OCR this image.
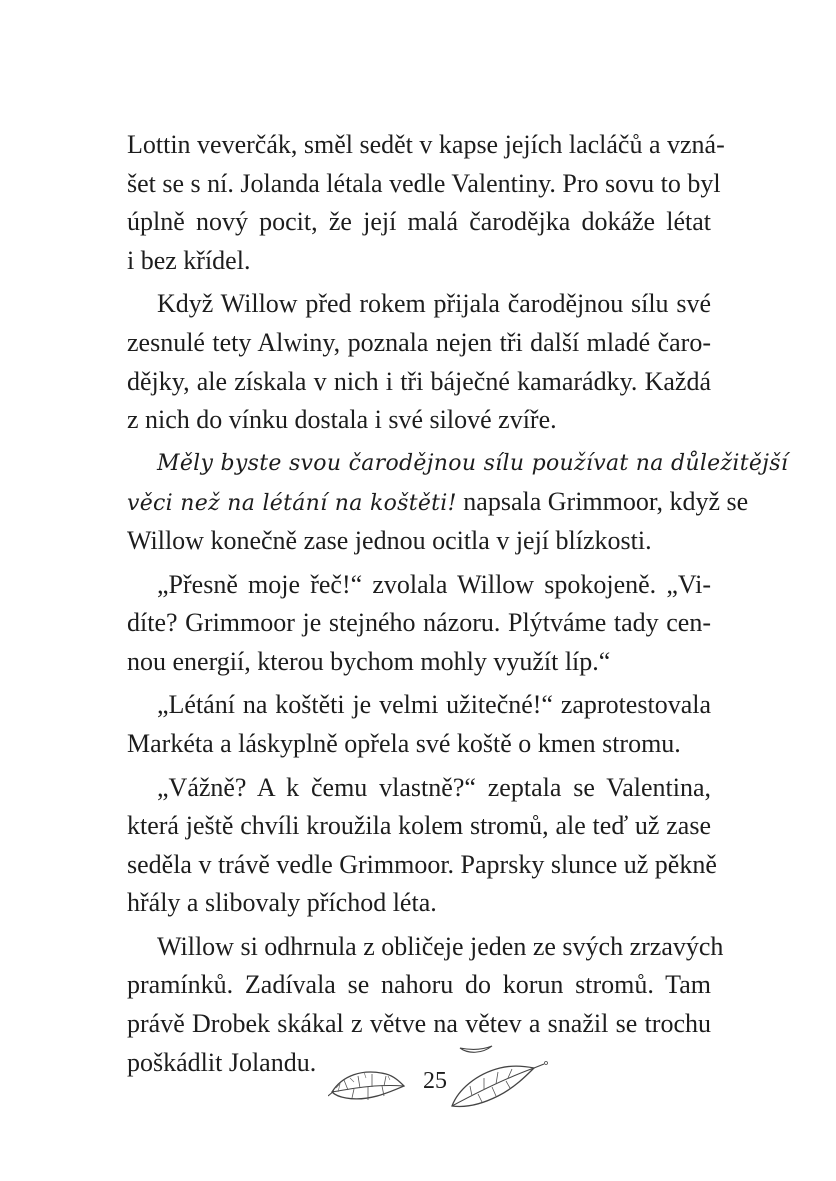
Lottin veverčák, směl sedět v kapse jejích lacláčů a vzná-
šet se s ní. Jolanda létala vedle Valentiny. Pro sovu to byl
úplně nový pocit, že její malá čarodějka dokáže létat
i bez křídel.
Když Willow před rokem přijala čarodějnou sílu své
zesnulé tety Alwiny, poznala nejen tři další mladé čaro-
dějky, ale získala v nich i tři báječné kamarádky. Každá
z nich do vínku dostala i své silové zvíře.
Měly byste svou čarodějnou sílu používat na důležitější
věci než na létání na koštěti! napsala Grimmoor, když se
Willow konečně zase jednou ocitla v její blízkosti.
„Přesně moje řeč!“ zvolala Willow spokojeně. „Vi-
díte? Grimmoor je stejného názoru. Plýtváme tady cen-
nou energií, kterou bychom mohly využít líp.“
„Létání na koštěti je velmi užitečné!“ zaprotestovala
Markéta a láskyplně opřela své koště o kmen stromu.
„Vážně? A k čemu vlastně?“ zeptala se Valentina,
která ještě chvíli kroužila kolem stromů, ale teď už zase
seděla v trávě vedle Grimmoor. Paprsky slunce už pěkně
hřály a slibovaly příchod léta.
Willow si odhrnula z obličeje jeden ze svých zrzavých
pramínků. Zadívala se nahoru do korun stromů. Tam
právě Drobek skákal z větve na větev a snažil se trochu
poškádlit Jolandu.
25
